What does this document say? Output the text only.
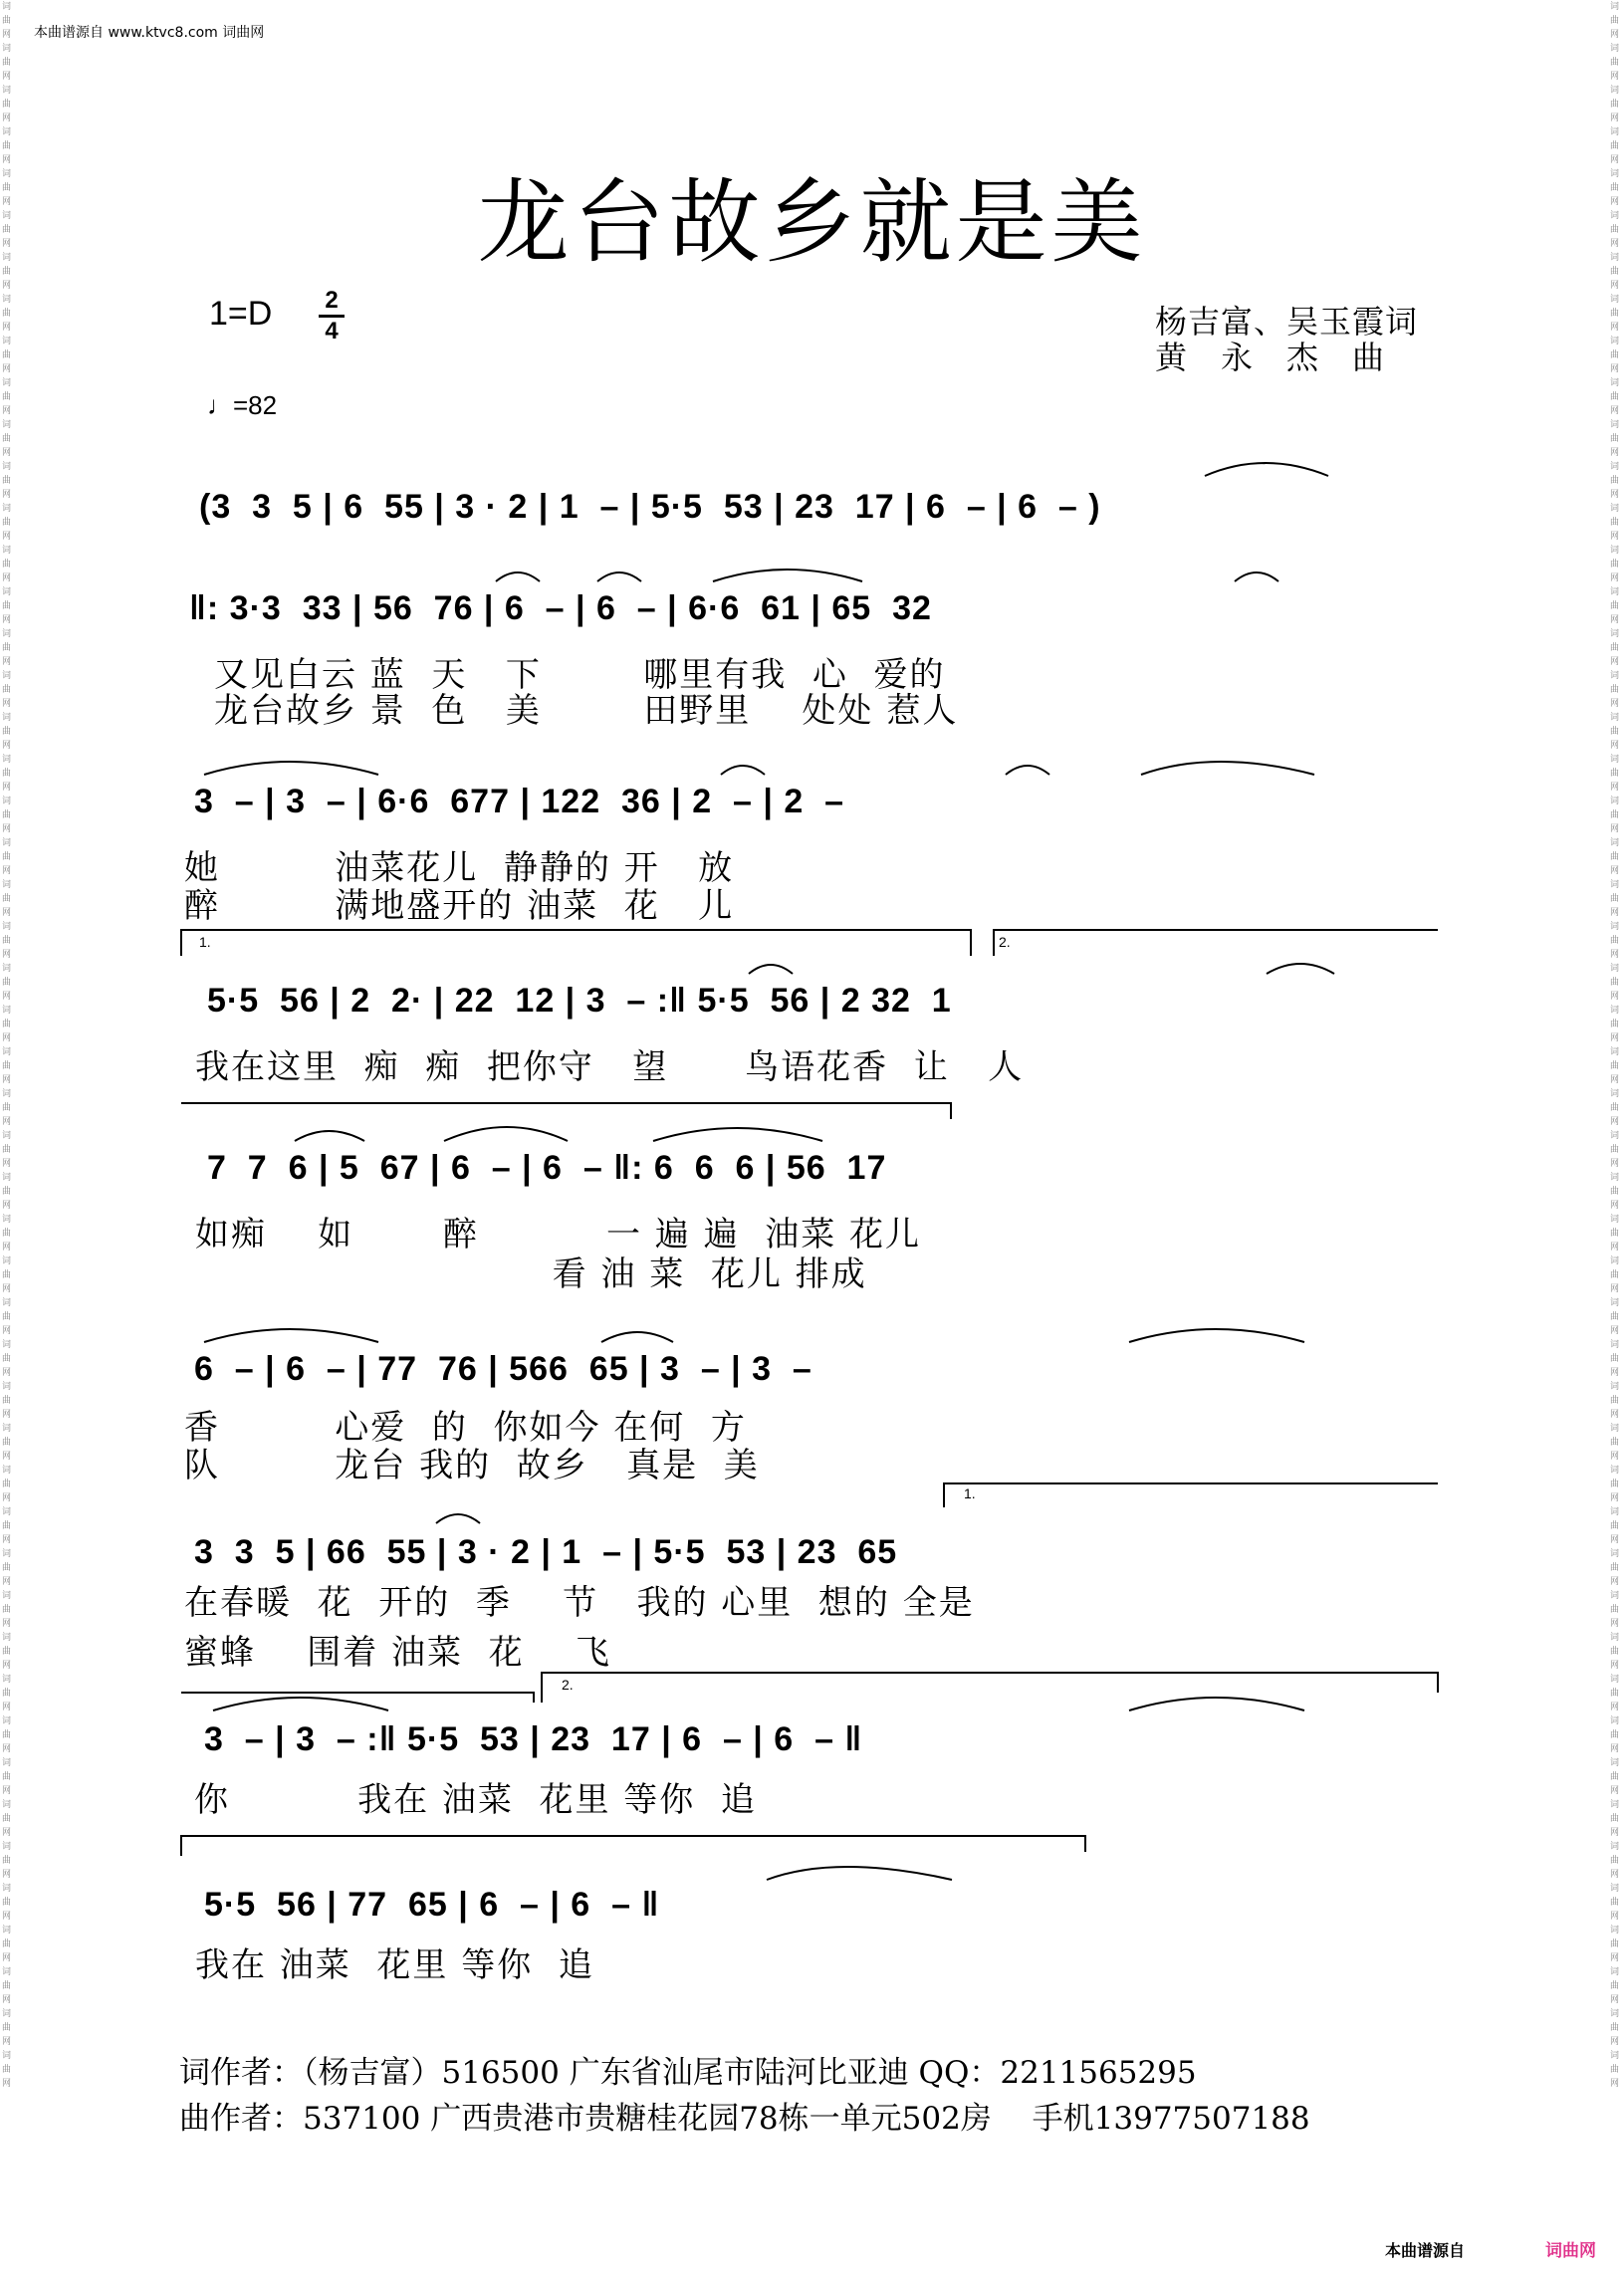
本曲谱源自 www.ktvc8.com 词曲网
词曲网词曲网词曲网词曲网词曲网词曲网词曲网词曲网词曲网词曲网词曲网词曲网词曲网词曲网词曲网词曲网词曲网词曲网词曲网词曲网词曲网词曲网词曲网词曲网词曲网词曲网词曲网词曲网词曲网词曲网词曲网词曲网词曲网词曲网词曲网词曲网词曲网词曲网词曲网词曲网词曲网词曲网词曲网词曲网词曲网词曲网词曲网词曲网词曲网词曲网
词曲网词曲网词曲网词曲网词曲网词曲网词曲网词曲网词曲网词曲网词曲网词曲网词曲网词曲网词曲网词曲网词曲网词曲网词曲网词曲网词曲网词曲网词曲网词曲网词曲网词曲网词曲网词曲网词曲网词曲网词曲网词曲网词曲网词曲网词曲网词曲网词曲网词曲网词曲网词曲网词曲网词曲网词曲网词曲网词曲网词曲网词曲网词曲网词曲网词曲网
龙台故乡就是美
1=D 2
4
♩=82
杨吉富、吴玉霞词
黄　永　杰　曲
(3  3  5 | 6  55 | 3 · 2 | 1  – | 5·5  53 | 23  17 | 6  – | 6  – )
‖: 3·3  33 | 56  76 | 6  – | 6  – | 6·6  61 | 65  32
又见白云 蓝  天   下        哪里有我  心  爱的
龙台故乡 景  色   美        田野里    处处 惹人
3  – | 3  – | 6·6  677 | 122  36 | 2  – | 2  –
她         油菜花儿  静静的 开   放
醉         满地盛开的 油菜  花   儿
1.	2.
5·5  56 | 2  2· | 22  12 | 3  – :‖ 5·5  56 | 2 32  1
我在这里  痴  痴  把你守   望      鸟语花香  让   人
7  7  6 | 5  67 | 6  – | 6  – ‖: 6  6  6 | 56  17
如痴    如       醉          一 遍 遍  油菜 花儿
看 油 菜  花儿 排成
6  – | 6  – | 77  76 | 566  65 | 3  – | 3  –
香         心爱  的  你如今 在何  方
队         龙台 我的  故乡   真是  美
1.
3  3  5 | 66  55 | 3 · 2 | 1  – | 5·5  53 | 23  65
在春暖  花  开的  季    节   我的 心里  想的 全是
蜜蜂    围着 油菜  花    飞
2.
3  – | 3  – :‖ 5·5  53 | 23  17 | 6  – | 6  – ‖
你          我在 油菜  花里 等你  追
5·5  56 | 77  65 | 6  – | 6  – ‖
我在 油菜  花里 等你  追
词作者：（杨吉富）516500 广东省汕尾市陆河比亚迪 QQ：2211565295
曲作者：537100 广西贵港市贵糖桂花园78栋一单元502房　 手机13977507188
本曲谱源自	词曲网
